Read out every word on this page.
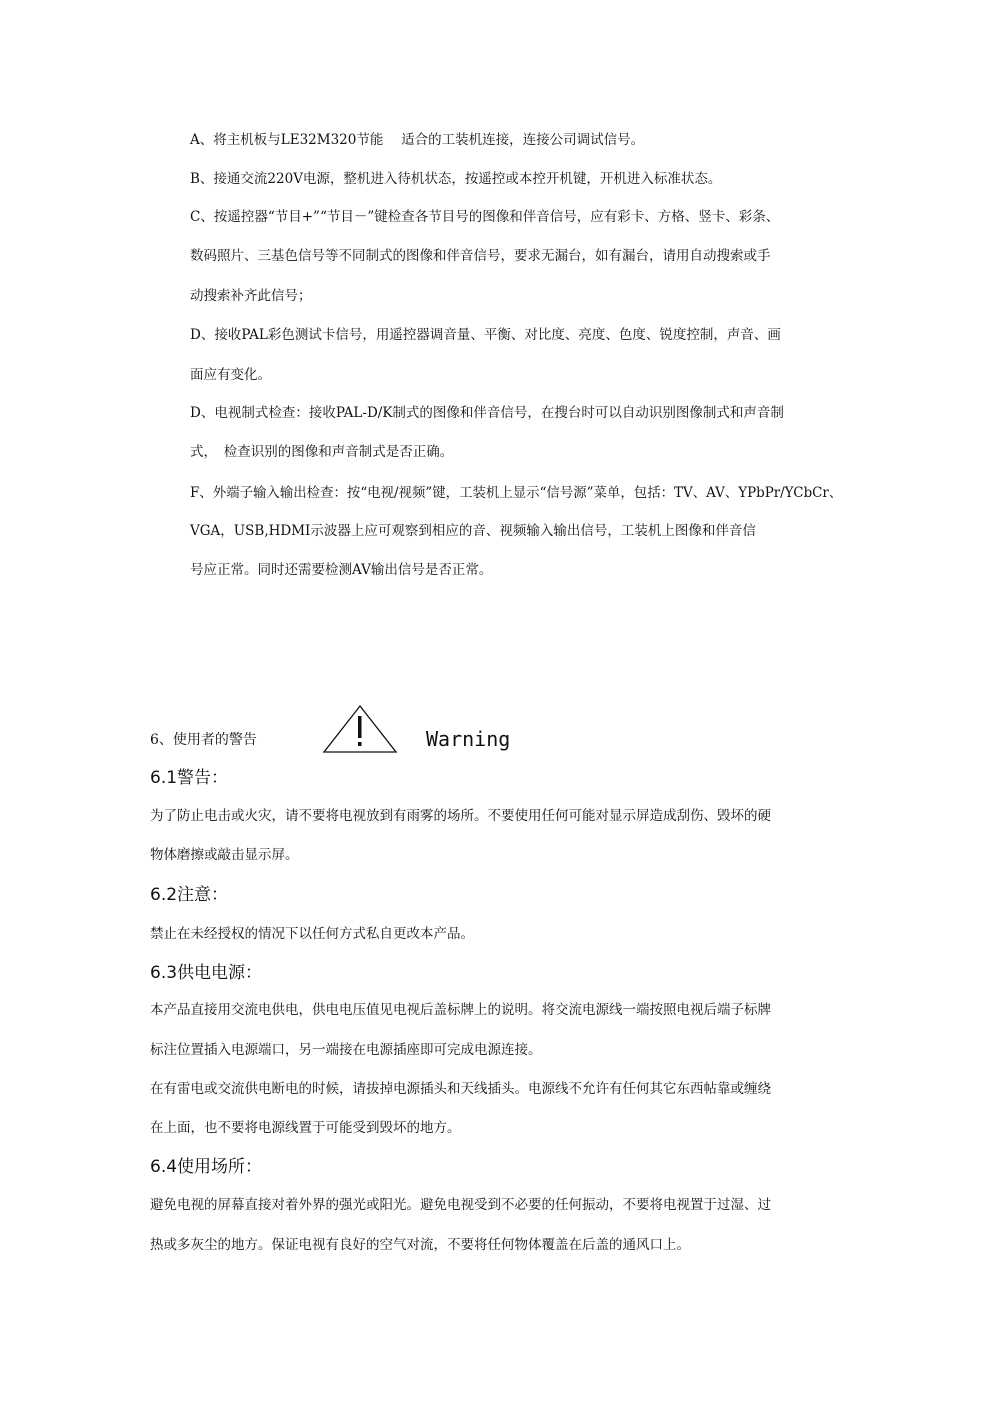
A、将主机板与LE32M320节能　 适合的工装机连接，连接公司调试信号。
B、接通交流220V电源，整机进入待机状态，按遥控或本控开机键，开机进入标准状态。
C、按遥控器“节目+”“节目－”键检查各节目号的图像和伴音信号，应有彩卡、方格、竖卡、彩条、
数码照片、三基色信号等不同制式的图像和伴音信号，要求无漏台，如有漏台，请用自动搜索或手
动搜索补齐此信号；
D、接收PAL彩色测试卡信号，用遥控器调音量、平衡、对比度、亮度、色度、锐度控制，声音、画
面应有变化。
D、电视制式检查：接收PAL-D/K制式的图像和伴音信号，在搜台时可以自动识别图像制式和声音制
式，　检查识别的图像和声音制式是否正确。
F、外端子输入输出检查：按“电视/视频”键，工装机上显示“信号源”菜单，包括：TV、AV、YPbPr/YCbCr、
VGA，USB,HDMI示波器上应可观察到相应的音、视频输入输出信号，工装机上图像和伴音信
号应正常。同时还需要检测AV输出信号是否正常。
6、使用者的警告	Warning
6.1警告：
为了防止电击或火灾，请不要将电视放到有雨雾的场所。不要使用任何可能对显示屏造成刮伤、毁坏的硬
物体磨擦或敲击显示屏。
6.2注意：
禁止在未经授权的情况下以任何方式私自更改本产品。
6.3供电电源：
本产品直接用交流电供电，供电电压值见电视后盖标牌上的说明。将交流电源线一端按照电视后端子标牌
标注位置插入电源端口，另一端接在电源插座即可完成电源连接。
在有雷电或交流供电断电的时候，请拔掉电源插头和天线插头。电源线不允许有任何其它东西帖靠或缠绕
在上面，也不要将电源线置于可能受到毁坏的地方。
6.4使用场所：
避免电视的屏幕直接对着外界的强光或阳光。避免电视受到不必要的任何振动，不要将电视置于过湿、过
热或多灰尘的地方。保证电视有良好的空气对流，不要将任何物体覆盖在后盖的通风口上。
